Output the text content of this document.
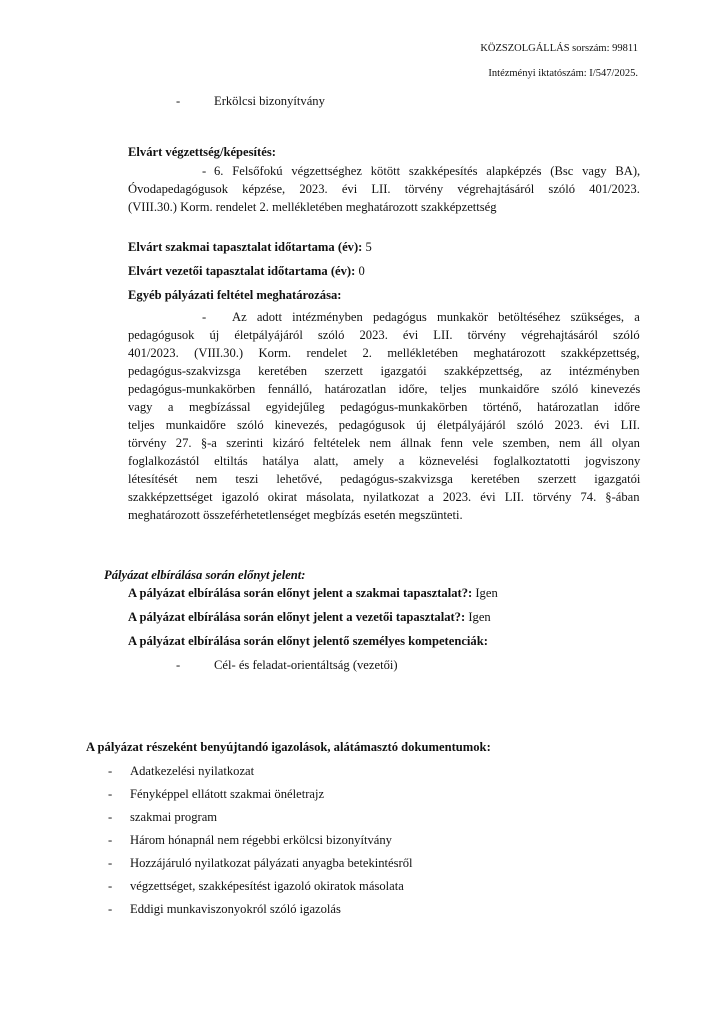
KÖZSZOLGÁLLÁS sorszám: 99811
Intézményi iktatószám: I/547/2025.
-	Erkölcsi bizonyítvány
Elvárt végzettség/képesítés:
- 6. Felsőfokú végzettséghez kötött szakképesítés alapképzés (Bsc vagy BA),
Óvodapedagógusok képzése, 2023. évi LII. törvény végrehajtásáról szóló 401/2023.
(VIII.30.) Korm. rendelet 2. mellékletében meghatározott szakképzettség
Elvárt szakmai tapasztalat időtartama (év): 5
Elvárt vezetői tapasztalat időtartama (év): 0
Egyéb pályázati feltétel meghatározása:
- Az adott intézményben pedagógus munkakör betöltéséhez szükséges, a
pedagógusok új életpályájáról szóló 2023. évi LII. törvény végrehajtásáról szóló
401/2023. (VIII.30.) Korm. rendelet 2. mellékletében meghatározott szakképzettség,
pedagógus-szakvizsga keretében szerzett igazgatói szakképzettség, az intézményben
pedagógus-munkakörben fennálló, határozatlan időre, teljes munkaidőre szóló kinevezés
vagy a megbízással egyidejűleg pedagógus-munkakörben történő, határozatlan időre
teljes munkaidőre szóló kinevezés, pedagógusok új életpályájáról szóló 2023. évi LII.
törvény 27. §-a szerinti kizáró feltételek nem állnak fenn vele szemben, nem áll olyan
foglalkozástól eltiltás hatálya alatt, amely a köznevelési foglalkoztatotti jogviszony
létesítését nem teszi lehetővé, pedagógus-szakvizsga keretében szerzett igazgatói
szakképzettséget igazoló okirat másolata, nyilatkozat a 2023. évi LII. törvény 74. §-ában
meghatározott összeférhetetlenséget megbízás esetén megszünteti.
Pályázat elbírálása során előnyt jelent:
A pályázat elbírálása során előnyt jelent a szakmai tapasztalat?: Igen
A pályázat elbírálása során előnyt jelent a vezetői tapasztalat?: Igen
A pályázat elbírálása során előnyt jelentő személyes kompetenciák:
-	Cél- és feladat-orientáltság (vezetői)
A pályázat részeként benyújtandó igazolások, alátámasztó dokumentumok:
- Adatkezelési nyilatkozat
- Fényképpel ellátott szakmai önéletrajz
- szakmai program
- Három hónapnál nem régebbi erkölcsi bizonyítvány
- Hozzájáruló nyilatkozat pályázati anyagba betekintésről
- végzettséget, szakképesítést igazoló okiratok másolata
- Eddigi munkaviszonyokról szóló igazolás
